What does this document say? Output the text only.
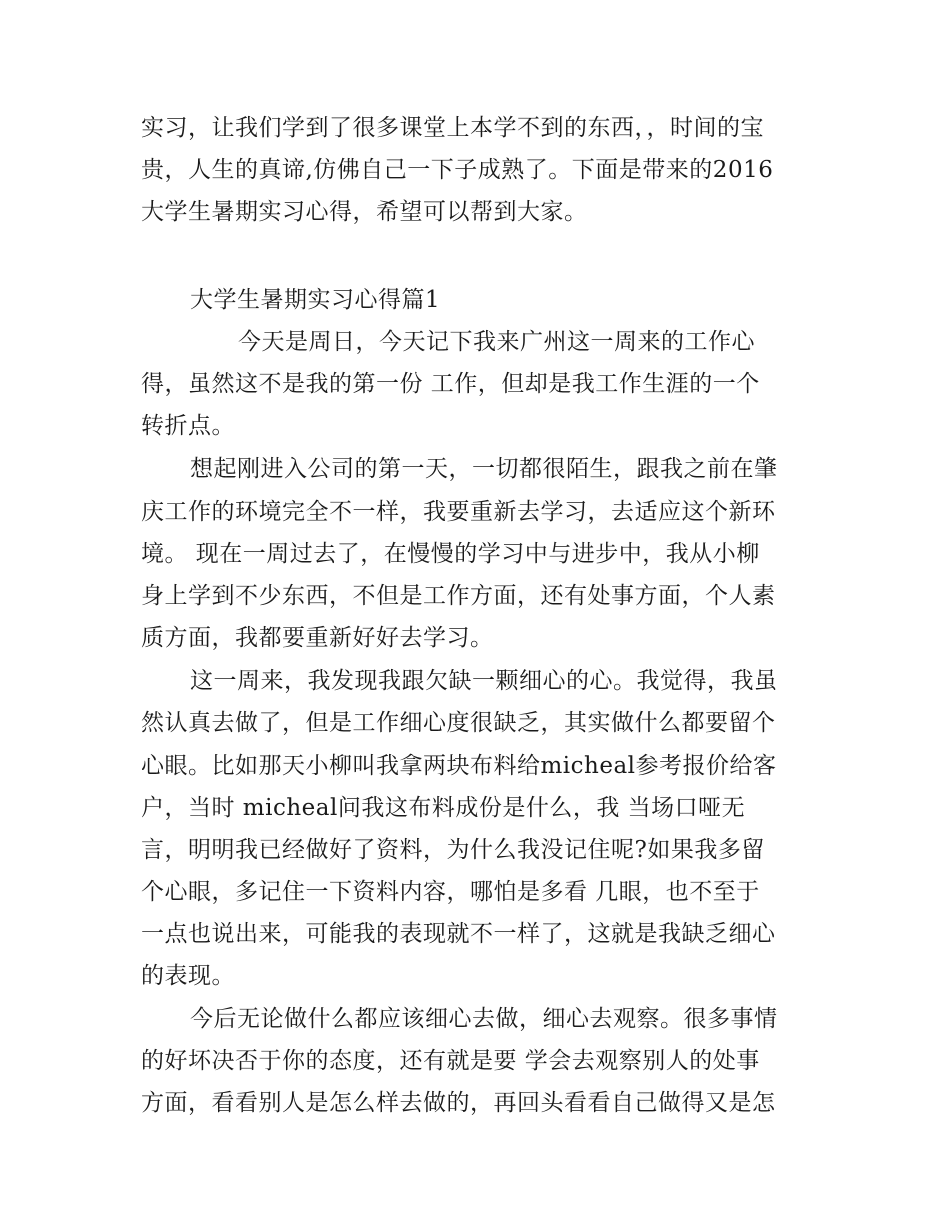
实习，让我们学到了很多课堂上本学不到的东西，，时间的宝
贵，人生的真谛,仿佛自己一下子成熟了。下面是带来的2016
大学生暑期实习心得，希望可以帮到大家。
大学生暑期实习心得篇1
今天是周日，今天记下我来广州这一周来的工作心
得，虽然这不是我的第一份 工作，但却是我工作生涯的一个
转折点。
想起刚进入公司的第一天，一切都很陌生，跟我之前在肇
庆工作的环境完全不一样，我要重新去学习，去适应这个新环
境。 现在一周过去了，在慢慢的学习中与进步中，我从小柳
身上学到不少东西，不但是工作方面，还有处事方面，个人素
质方面，我都要重新好好去学习。
这一周来，我发现我跟欠缺一颗细心的心。我觉得，我虽
然认真去做了，但是工作细心度很缺乏，其实做什么都要留个
心眼。比如那天小柳叫我拿两块布料给micheal参考报价给客
户，当时 micheal问我这布料成份是什么，我 当场口哑无
言，明明我已经做好了资料，为什么我没记住呢?如果我多留
个心眼，多记住一下资料内容，哪怕是多看 几眼，也不至于
一点也说出来，可能我的表现就不一样了，这就是我缺乏细心
的表现。
今后无论做什么都应该细心去做，细心去观察。很多事情
的好坏决否于你的态度，还有就是要 学会去观察别人的处事
方面，看看别人是怎么样去做的，再回头看看自己做得又是怎
